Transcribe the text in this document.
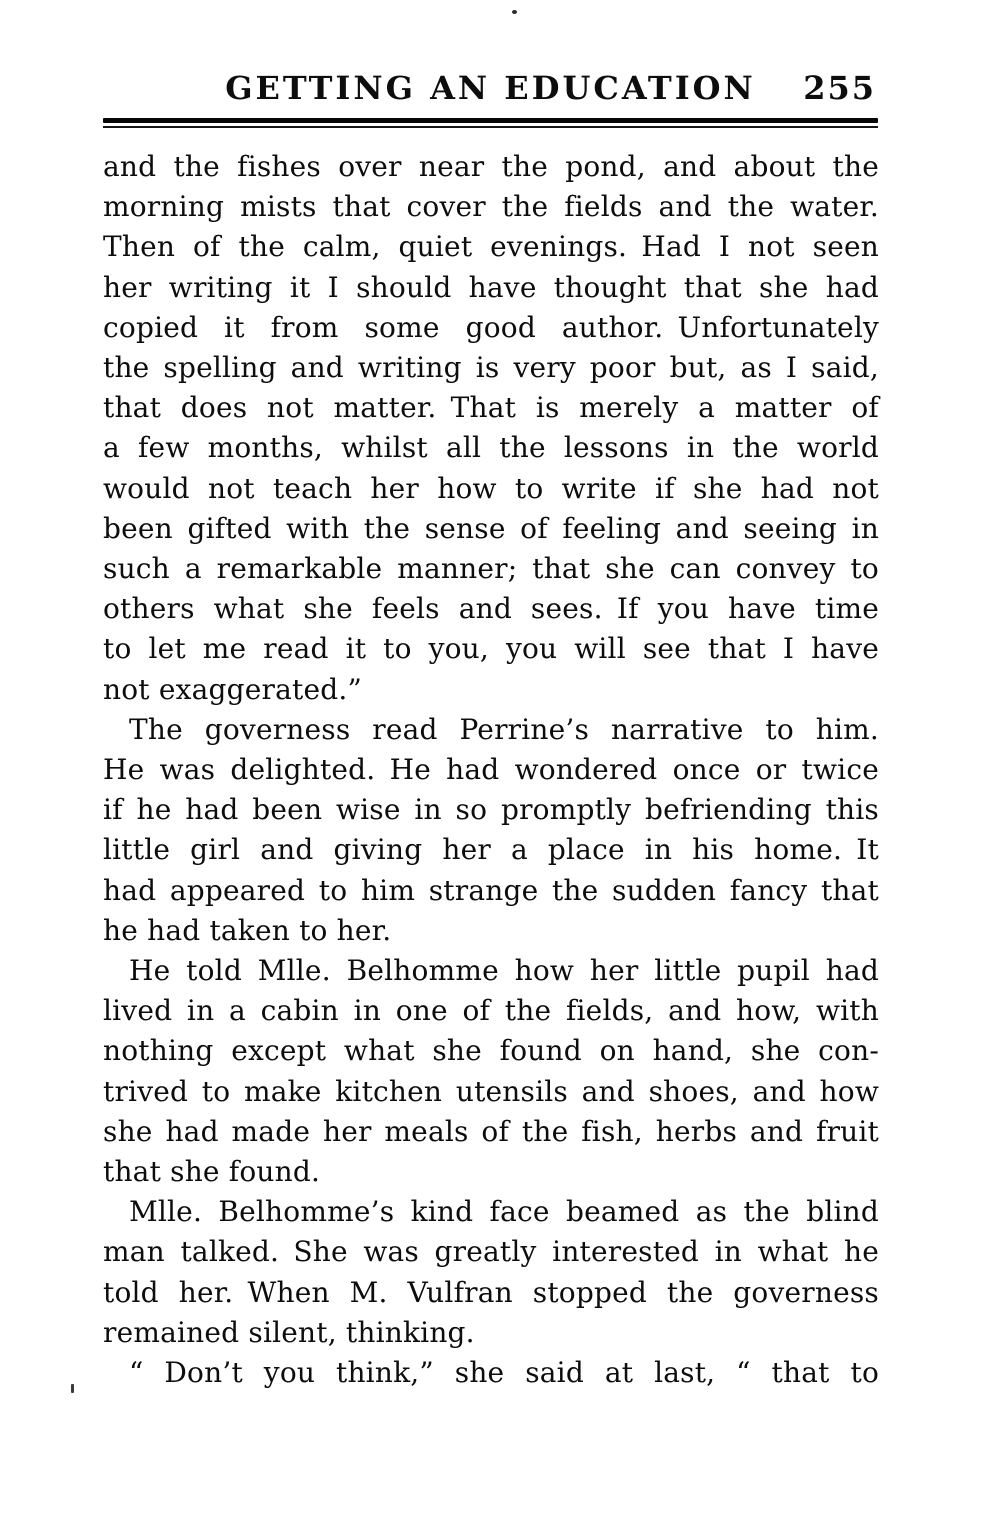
GETTING AN EDUCATION 255
and the fishes over near the pond, and about the
morning mists that cover the fields and the water.
Then of the calm, quiet evenings. Had I not seen
her writing it I should have thought that she had
copied it from some good author. Unfortunately
the spelling and writing is very poor but, as I said,
that does not matter. That is merely a matter of
a few months, whilst all the lessons in the world
would not teach her how to write if she had not
been gifted with the sense of feeling and seeing in
such a remarkable manner; that she can convey to
others what she feels and sees. If you have time
to let me read it to you, you will see that I have
not exaggerated.”
The governess read Perrine’s narrative to him.
He was delighted. He had wondered once or twice
if he had been wise in so promptly befriending this
little girl and giving her a place in his home. It
had appeared to him strange the sudden fancy that
he had taken to her.
He told Mlle. Belhomme how her little pupil had
lived in a cabin in one of the fields, and how, with
nothing except what she found on hand, she con-
trived to make kitchen utensils and shoes, and how
she had made her meals of the fish, herbs and fruit
that she found.
Mlle. Belhomme’s kind face beamed as the blind
man talked. She was greatly interested in what he
told her. When M. Vulfran stopped the governess
remained silent, thinking.
“ Don’t you think,” she said at last, “ that to
